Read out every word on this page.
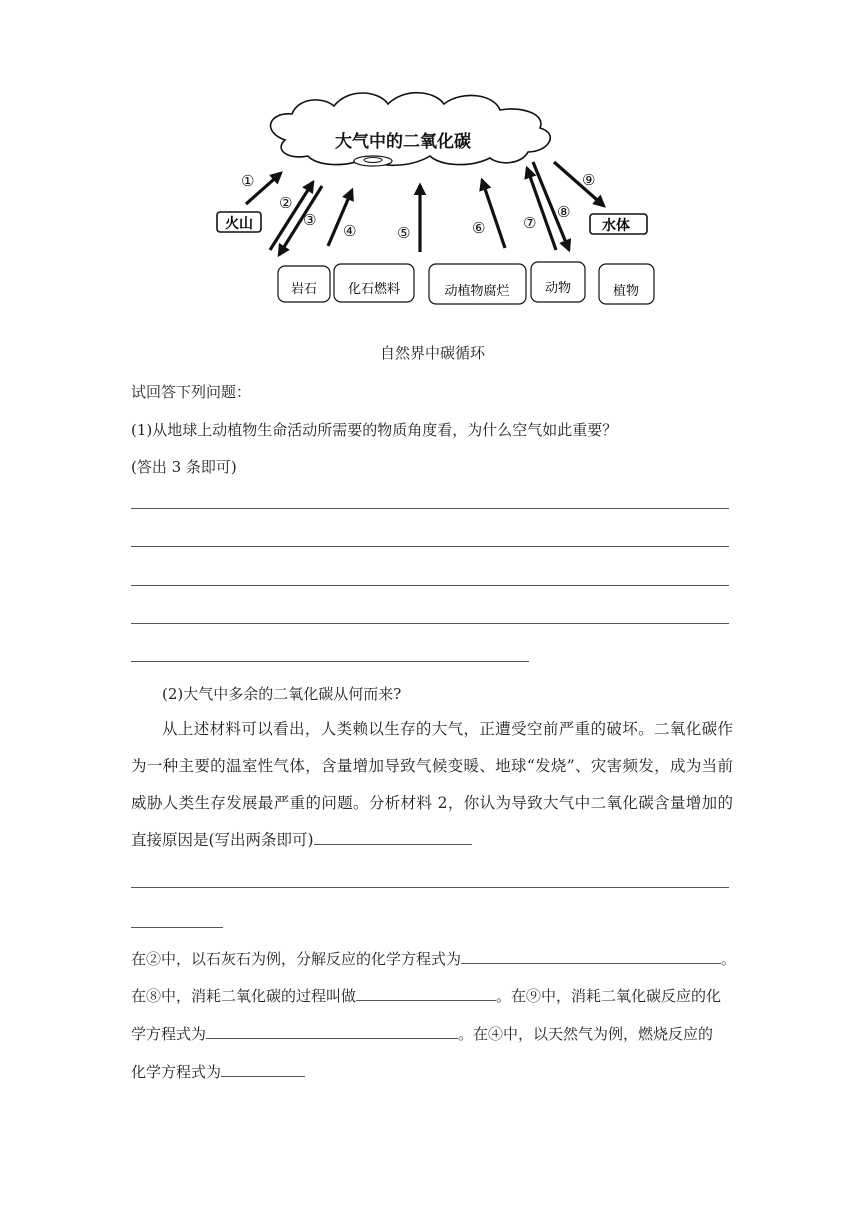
大气中的二氧化碳
火山	水体
岩石 化石燃料	动植物腐烂	动物	植物
①
②
③
④	⑤	⑥	⑦
⑧
⑨
自然界中碳循环
试回答下列问题：
(1)从地球上动植物生命活动所需要的物质角度看，为什么空气如此重要？
(答出 3 条即可)
(2)大气中多余的二氧化碳从何而来?
从上述材料可以看出，人类赖以生存的大气，正遭受空前严重的破坏。二氧化碳作为一种主要的温室性气体，含量增加导致气候变暖、地球“发烧”、灾害频发，成为当前威胁人类生存发展最严重的问题。分析材料 2，你认为导致大气中二氧化碳含量增加的直接原因是(写出两条即可)
在②中，以石灰石为例，分解反应的化学方程式为	。
在⑧中，消耗二氧化碳的过程叫做	。在⑨中，消耗二氧化碳反应的化
学方程式为	。在④中，以天然气为例，燃烧反应的
化学方程式为
